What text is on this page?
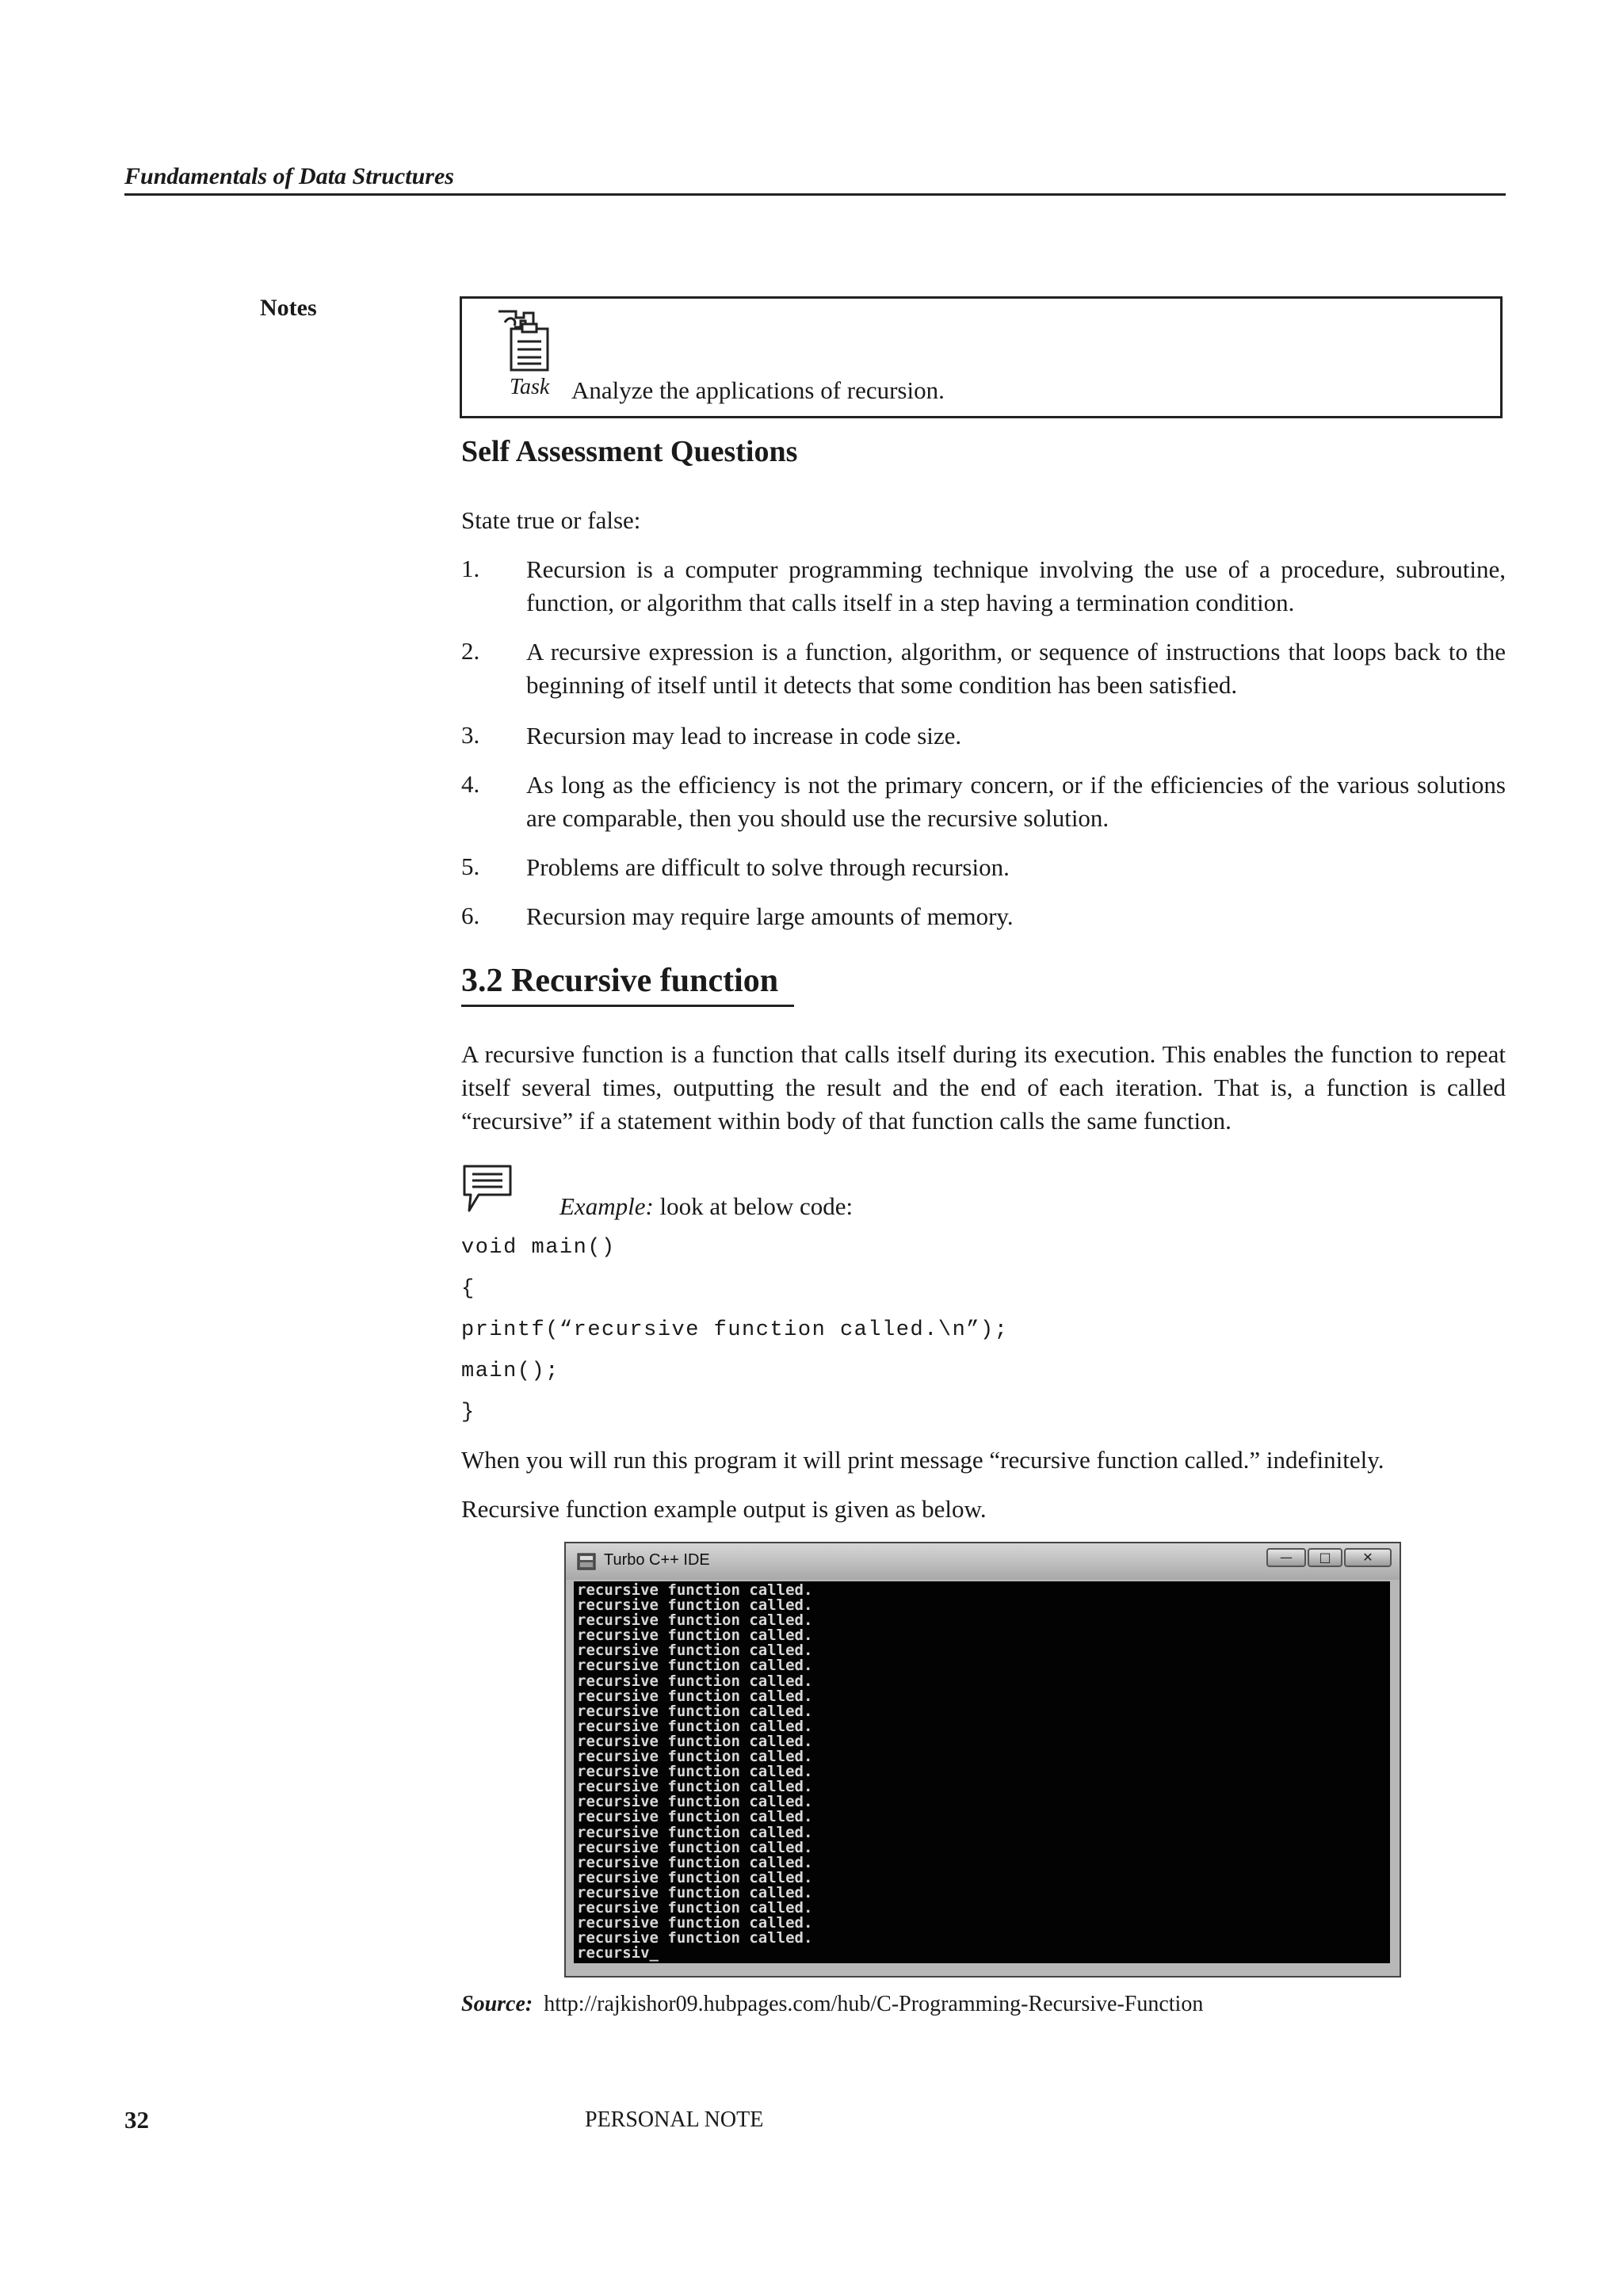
Fundamentals of Data Structures
Notes
Task Analyze the applications of recursion.
Self Assessment Questions
State true or false:
1. Recursion is a computer programming technique involving the use of a procedure, subroutine, function, or algorithm that calls itself in a step having a termination condition.
2. A recursive expression is a function, algorithm, or sequence of instructions that loops back to the beginning of itself until it detects that some condition has been satisfied.
3. Recursion may lead to increase in code size.
4. As long as the efficiency is not the primary concern, or if the efficiencies of the various solutions are comparable, then you should use the recursive solution.
5. Problems are difficult to solve through recursion.
6. Recursion may require large amounts of memory.
3.2 Recursive function
A recursive function is a function that calls itself during its execution. This enables the function to repeat itself several times, outputting the result and the end of each iteration. That is, a function is called “recursive” if a statement within body of that function calls the same function.
Example: look at below code:
void main()
{
printf(“recursive function called.\n”);
main();
}
When you will run this program it will print message “recursive function called.” indefinitely.
Recursive function example output is given as below.
Turbo C++ IDE	—	□	✕
recursive function called.
recursive function called.
recursive function called.
recursive function called.
recursive function called.
recursive function called.
recursive function called.
recursive function called.
recursive function called.
recursive function called.
recursive function called.
recursive function called.
recursive function called.
recursive function called.
recursive function called.
recursive function called.
recursive function called.
recursive function called.
recursive function called.
recursive function called.
recursive function called.
recursive function called.
recursive function called.
recursive function called.
recursiv_
Source: http://rajkishor09.hubpages.com/hub/C-Programming-Recursive-Function
32	PERSONAL NOTE
